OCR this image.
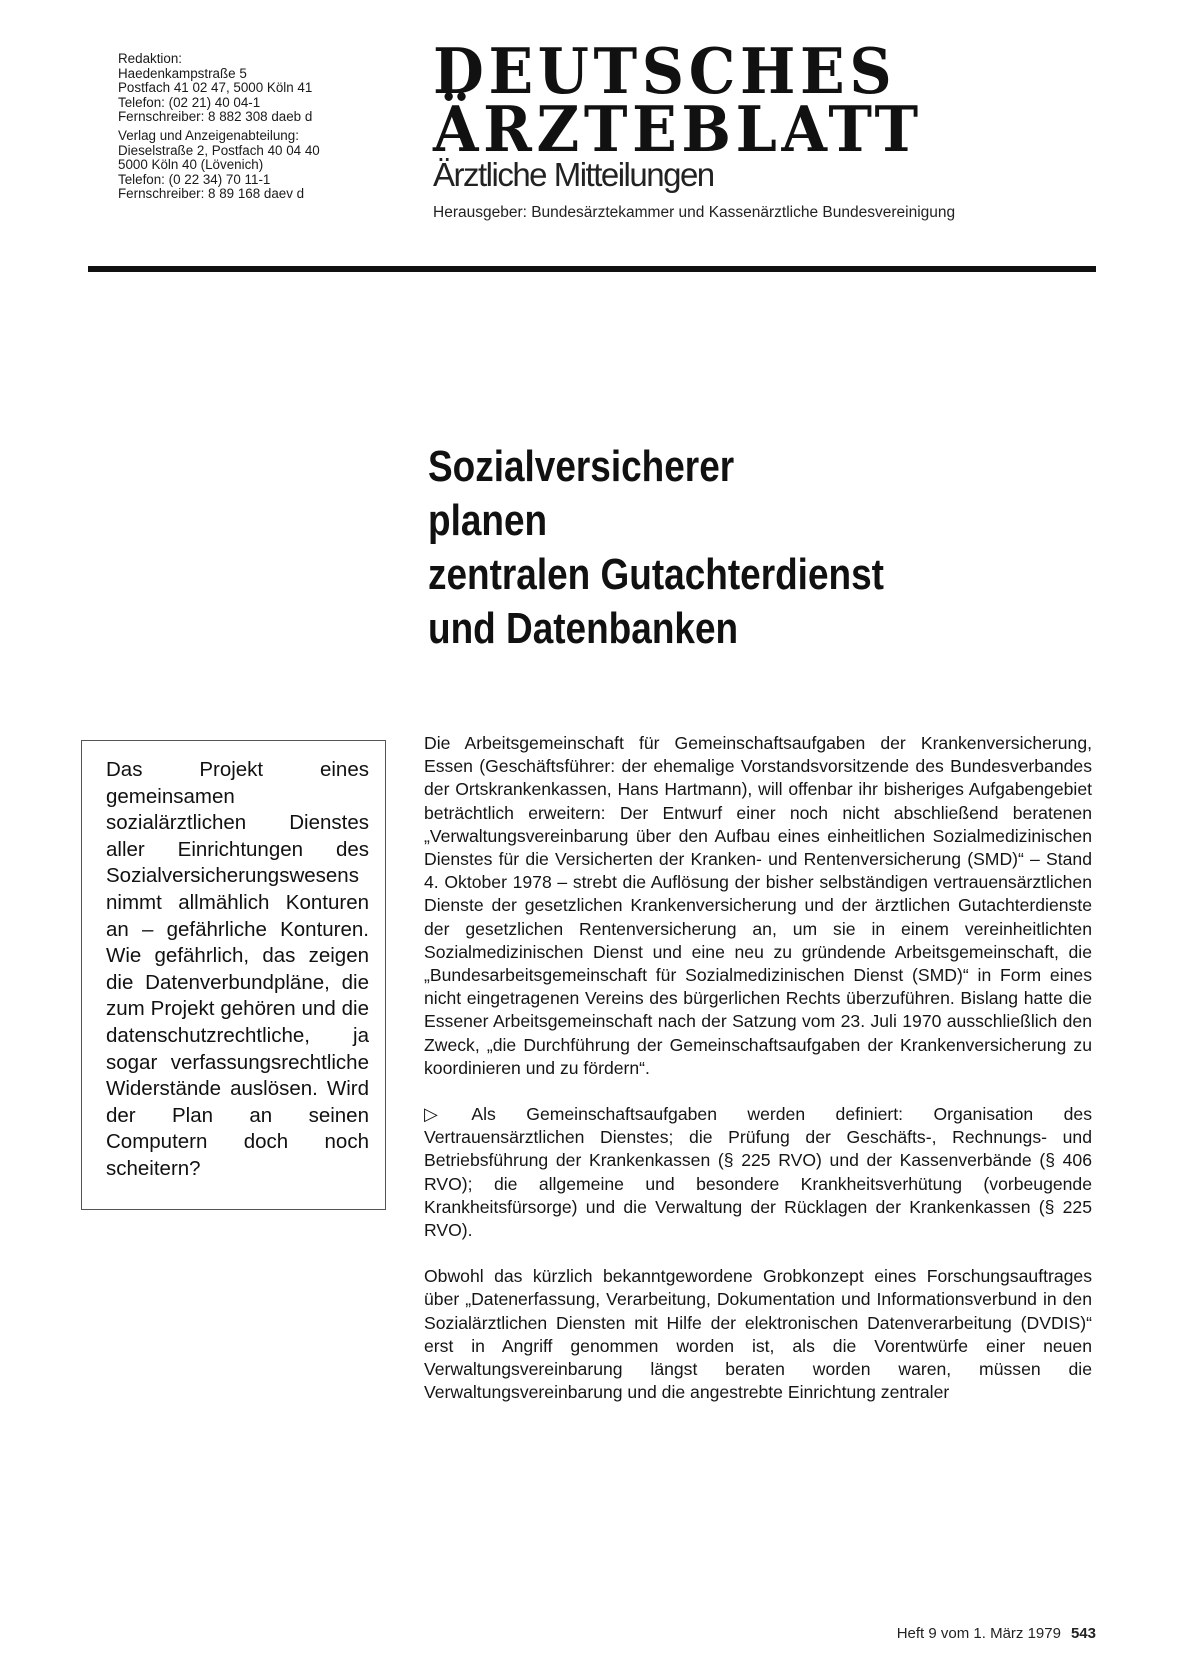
Redaktion:
Haedenkampstraße 5
Postfach 41 02 47, 5000 Köln 41
Telefon: (02 21) 40 04-1
Fernschreiber: 8 882 308 daeb d
Verlag und Anzeigenabteilung:
Dieselstraße 2, Postfach 40 04 40
5000 Köln 40 (Lövenich)
Telefon: (0 22 34) 70 11-1
Fernschreiber: 8 89 168 daev d
DEUTSCHES
ÄRZTEBLATT
Ärztliche Mitteilungen
Herausgeber: Bundesärztekammer und Kassenärztliche Bundesvereinigung
Sozialversicherer
planen
zentralen Gutachterdienst
und Datenbanken
Das Projekt eines gemeinsamen sozialärztlichen Dienstes aller Einrichtungen des Sozialversicherungswesens nimmt allmählich Konturen an – gefährliche Konturen. Wie gefährlich, das zeigen die Datenverbundpläne, die zum Projekt gehören und die datenschutzrechtliche, ja sogar verfassungsrechtliche Widerstände auslösen. Wird der Plan an seinen Computern doch noch scheitern?

Die Arbeitsgemeinschaft für Gemeinschaftsaufgaben der Krankenversicherung, Essen (Geschäftsführer: der ehemalige Vorstandsvorsitzende des Bundesverbandes der Ortskrankenkassen, Hans Hartmann), will offenbar ihr bisheriges Aufgabengebiet beträchtlich erweitern: Der Entwurf einer noch nicht abschließend beratenen „Verwaltungsvereinbarung über den Aufbau eines einheitlichen Sozialmedizinischen Dienstes für die Versicherten der Kranken- und Rentenversicherung (SMD)“ – Stand 4. Oktober 1978 – strebt die Auflösung der bisher selbständigen vertrauensärztlichen Dienste der gesetzlichen Krankenversicherung und der ärztlichen Gutachterdienste der gesetzlichen Rentenversicherung an, um sie in einem vereinheitlichten Sozialmedizinischen Dienst und eine neu zu gründende Arbeitsgemeinschaft, die „Bundesarbeitsgemeinschaft für Sozialmedizinischen Dienst (SMD)“ in Form eines nicht eingetragenen Vereins des bürgerlichen Rechts überzuführen. Bislang hatte die Essener Arbeitsgemeinschaft nach der Satzung vom 23. Juli 1970 ausschließlich den Zweck, „die Durchführung der Gemeinschaftsaufgaben der Krankenversicherung zu koordinieren und zu fördern“.

▷ Als Gemeinschaftsaufgaben werden definiert: Organisation des Vertrauensärztlichen Dienstes; die Prüfung der Geschäfts-, Rechnungs- und Betriebsführung der Krankenkassen (§ 225 RVO) und der Kassenverbände (§ 406 RVO); die allgemeine und besondere Krankheitsverhütung (vorbeugende Krankheitsfürsorge) und die Verwaltung der Rücklagen der Krankenkassen (§ 225 RVO).

Obwohl das kürzlich bekanntgewordene Grobkonzept eines Forschungsauftrages über „Datenerfassung, Verarbeitung, Dokumentation und Informationsverbund in den Sozialärztlichen Diensten mit Hilfe der elektronischen Datenverarbeitung (DVDIS)“ erst in Angriff genommen worden ist, als die Vorentwürfe einer neuen Verwaltungsvereinbarung längst beraten worden waren, müssen die Verwaltungsvereinbarung und die angestrebte Einrichtung zentraler

Heft 9 vom 1. März 1979 543
